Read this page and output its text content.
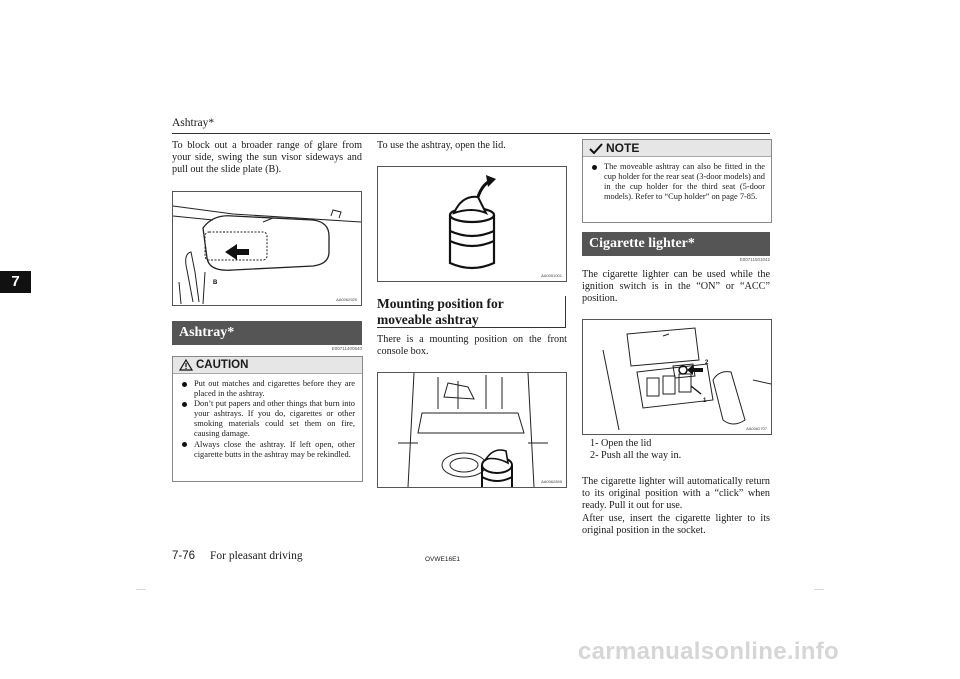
Ashtray*
7
To block out a broader range of glare from your side, swing the sun visor sideways and pull out the slide plate (B).
B
AA0062925
Ashtray*
E00711400640
CAUTION
Put out matches and cigarettes before they are placed in the ashtray.
Don’t put papers and other things that burn into your ashtrays. If you do, cigarettes or other smoking materials could set them on fire, causing damage.
Always close the ashtray. If left open, other cigarette butts in the ashtray may be rekindled.
To use the ashtray, open the lid.
AA0051001
Mounting position for moveable ashtray
There is a mounting position on the front console box.
AA0062895
NOTE
The moveable ashtray can also be fitted in the cup holder for the rear seat (3-door models) and in the cup holder for the third seat (5-door models). Refer to “Cup holder” on page 7-85.
Cigarette lighter*
E00711501042
The cigarette lighter can be used while the ignition switch is in the “ON” or “ACC” position.
2
1
AA0062707
1- Open the lid
2- Push all the way in.
The cigarette lighter will automatically return to its original position with a “click” when ready. Pull it out for use.
After use, insert the cigarette lighter to its original position in the socket.
7-76 For pleasant driving	OVWE16E1
carmanualsonline.info
